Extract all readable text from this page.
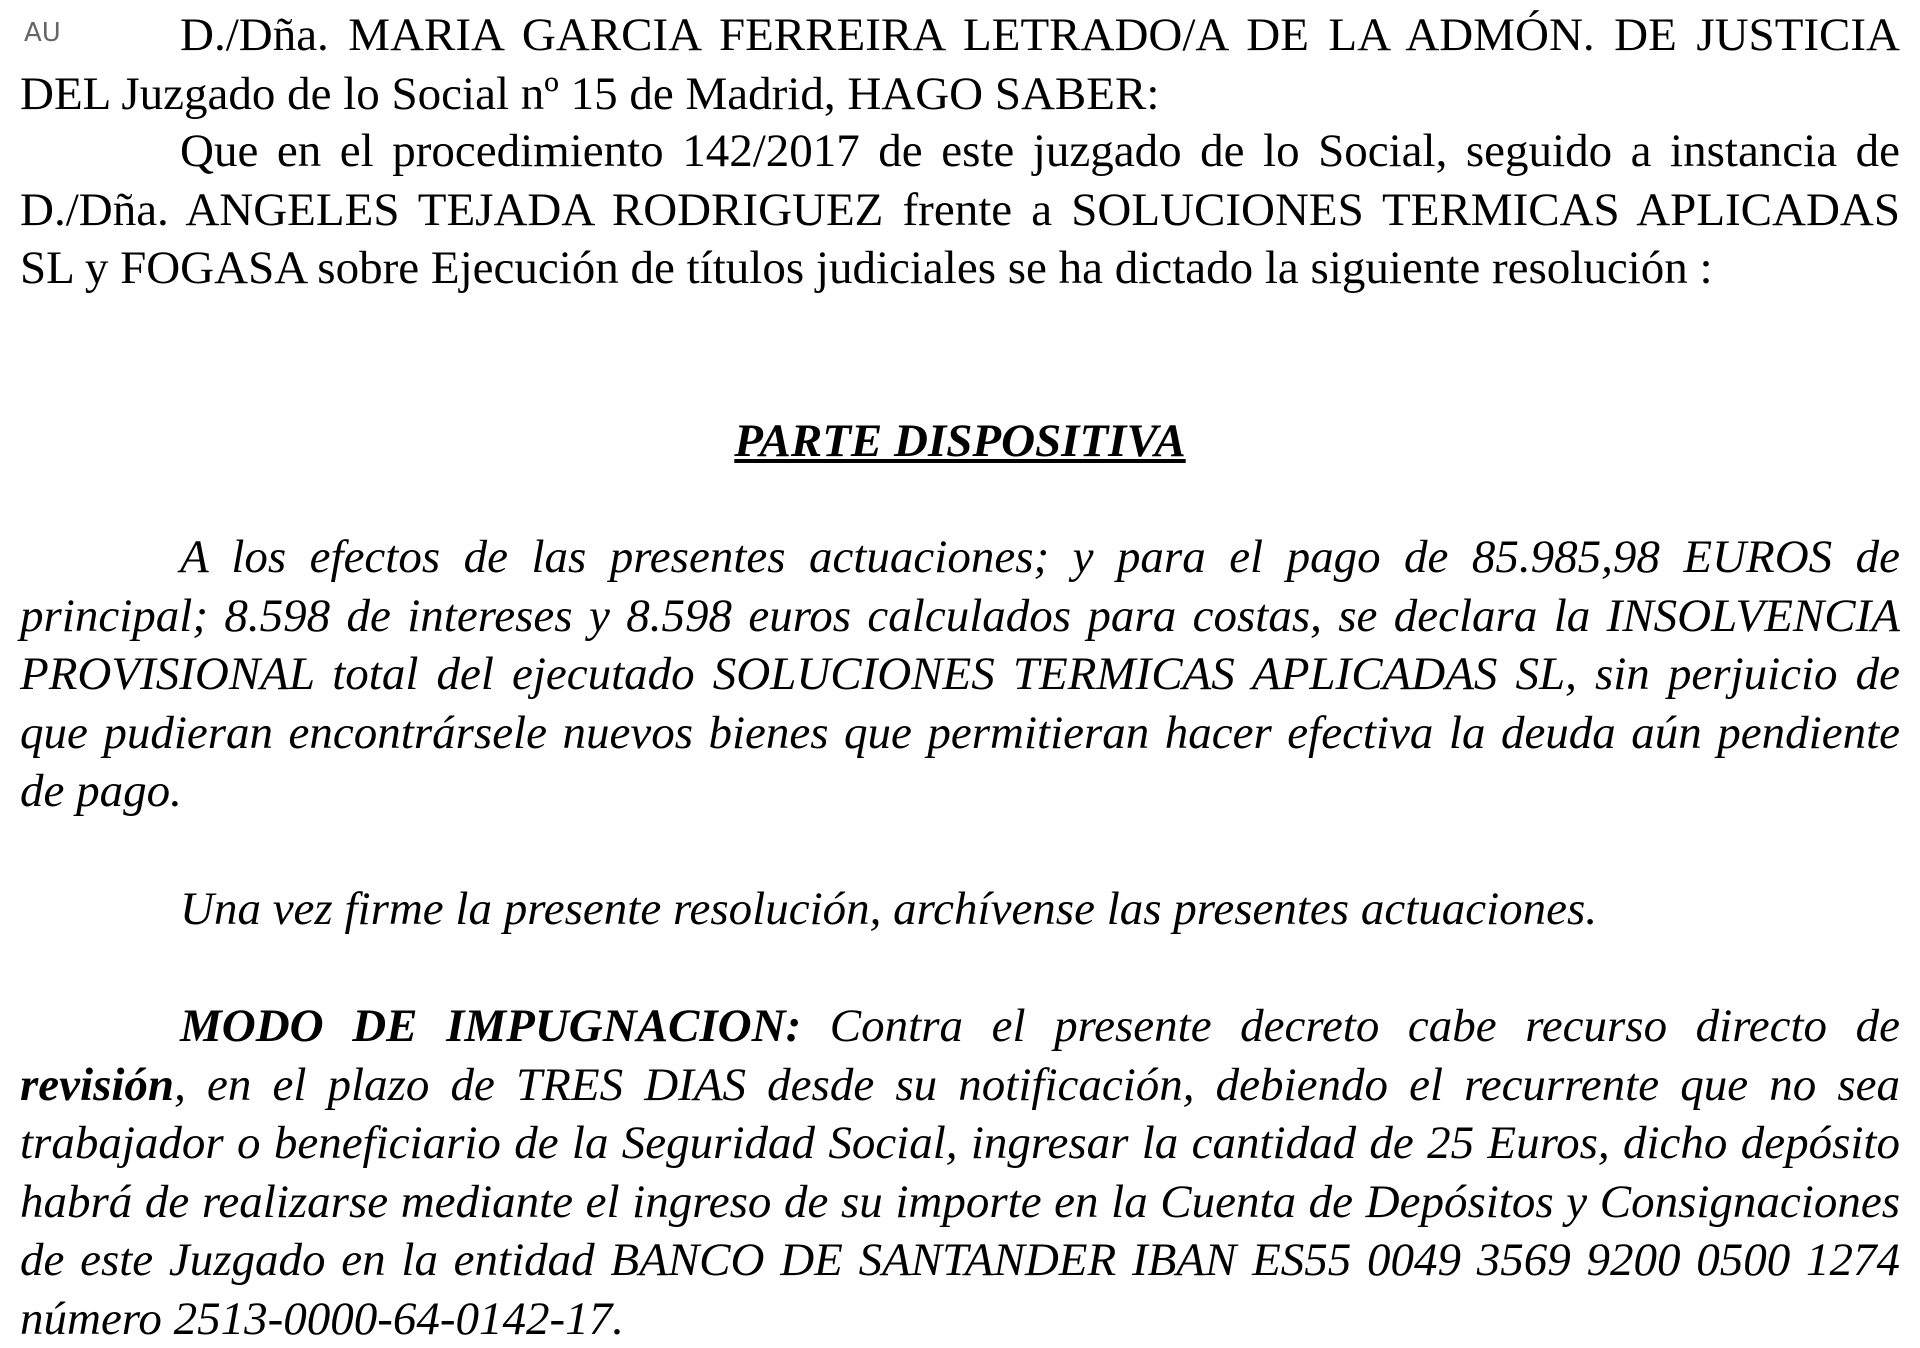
AU	D./Dña. MARIA GARCIA FERREIRA LETRADO/A DE LA ADMÓN. DE JUSTICIA DEL Juzgado de lo Social nº 15 de Madrid, HAGO SABER:

Que en el procedimiento 142/2017 de este juzgado de lo Social, seguido a instancia de D./Dña. ANGELES TEJADA RODRIGUEZ frente a SOLUCIONES TERMICAS APLICADAS SL y FOGASA sobre Ejecución de títulos judiciales se ha dictado la siguiente resolución :

PARTE DISPOSITIVA

A los efectos de las presentes actuaciones; y para el pago de 85.985,98 EUROS de principal; 8.598 de intereses y 8.598 euros calculados para costas, se declara la INSOLVENCIA PROVISIONAL total del ejecutado SOLUCIONES TERMICAS APLICADAS SL, sin perjuicio de que pudieran encontrársele nuevos bienes que permitieran hacer efectiva la deuda aún pendiente de pago.

Una vez firme la presente resolución, archívense las presentes actuaciones.

MODO DE IMPUGNACION: Contra el presente decreto cabe recurso directo de revisión, en el plazo de TRES DIAS desde su notificación, debiendo el recurrente que no sea trabajador o beneficiario de la Seguridad Social, ingresar la cantidad de 25 Euros, dicho depósito habrá de realizarse mediante el ingreso de su importe en la Cuenta de Depósitos y Consignaciones de este Juzgado en la entidad BANCO DE SANTANDER IBAN ES55 0049 3569 9200 0500 1274 número 2513-0000-64-0142-17.
